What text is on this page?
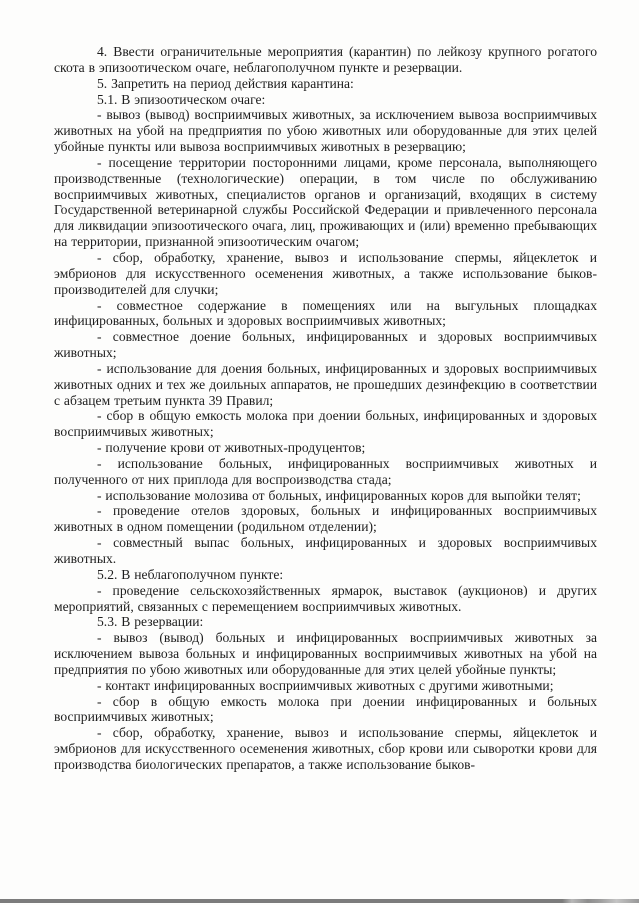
4. Ввести ограничительные мероприятия (карантин) по лейкозу крупного рогатого скота в эпизоотическом очаге, неблагополучном пункте и резервации.

5. Запретить на период действия карантина:

5.1. В эпизоотическом очаге:

- вывоз (вывод) восприимчивых животных, за исключением вывоза восприимчивых животных на убой на предприятия по убою животных или оборудованные для этих целей убойные пункты или вывоза восприимчивых животных в резервацию;

- посещение территории посторонними лицами, кроме персонала, выполняющего производственные (технологические) операции, в том числе по обслуживанию восприимчивых животных, специалистов органов и организаций, входящих в систему Государственной ветеринарной службы Российской Федерации и привлеченного персонала для ликвидации эпизоотического очага, лиц, проживающих и (или) временно пребывающих на территории, признанной эпизоотическим очагом;

- сбор, обработку, хранение, вывоз и использование спермы, яйцеклеток и эмбрионов для искусственного осеменения животных, а также использование быков-производителей для случки;

- совместное содержание в помещениях или на выгульных площадках инфицированных, больных и здоровых восприимчивых животных;

- совместное доение больных, инфицированных и здоровых восприимчивых животных;

- использование для доения больных, инфицированных и здоровых восприимчивых животных одних и тех же доильных аппаратов, не прошедших дезинфекцию в соответствии с абзацем третьим пункта 39 Правил;

- сбор в общую емкость молока при доении больных, инфицированных и здоровых восприимчивых животных;

- получение крови от животных-продуцентов;

- использование больных, инфицированных восприимчивых животных и полученного от них приплода для воспроизводства стада;

- использование молозива от больных, инфицированных коров для выпойки телят;

- проведение отелов здоровых, больных и инфицированных восприимчивых животных в одном помещении (родильном отделении);

- совместный выпас больных, инфицированных и здоровых восприимчивых животных.

5.2. В неблагополучном пункте:

- проведение сельскохозяйственных ярмарок, выставок (аукционов) и других мероприятий, связанных с перемещением восприимчивых животных.

5.3. В резервации:

- вывоз (вывод) больных и инфицированных восприимчивых животных за исключением вывоза больных и инфицированных восприимчивых животных на убой на предприятия по убою животных или оборудованные для этих целей убойные пункты;

- контакт инфицированных восприимчивых животных с другими животными;

- сбор в общую емкость молока при доении инфицированных и больных восприимчивых животных;

- сбор, обработку, хранение, вывоз и использование спермы, яйцеклеток и эмбрионов для искусственного осеменения животных, сбор крови или сыворотки крови для производства биологических препаратов, а также использование быков-
